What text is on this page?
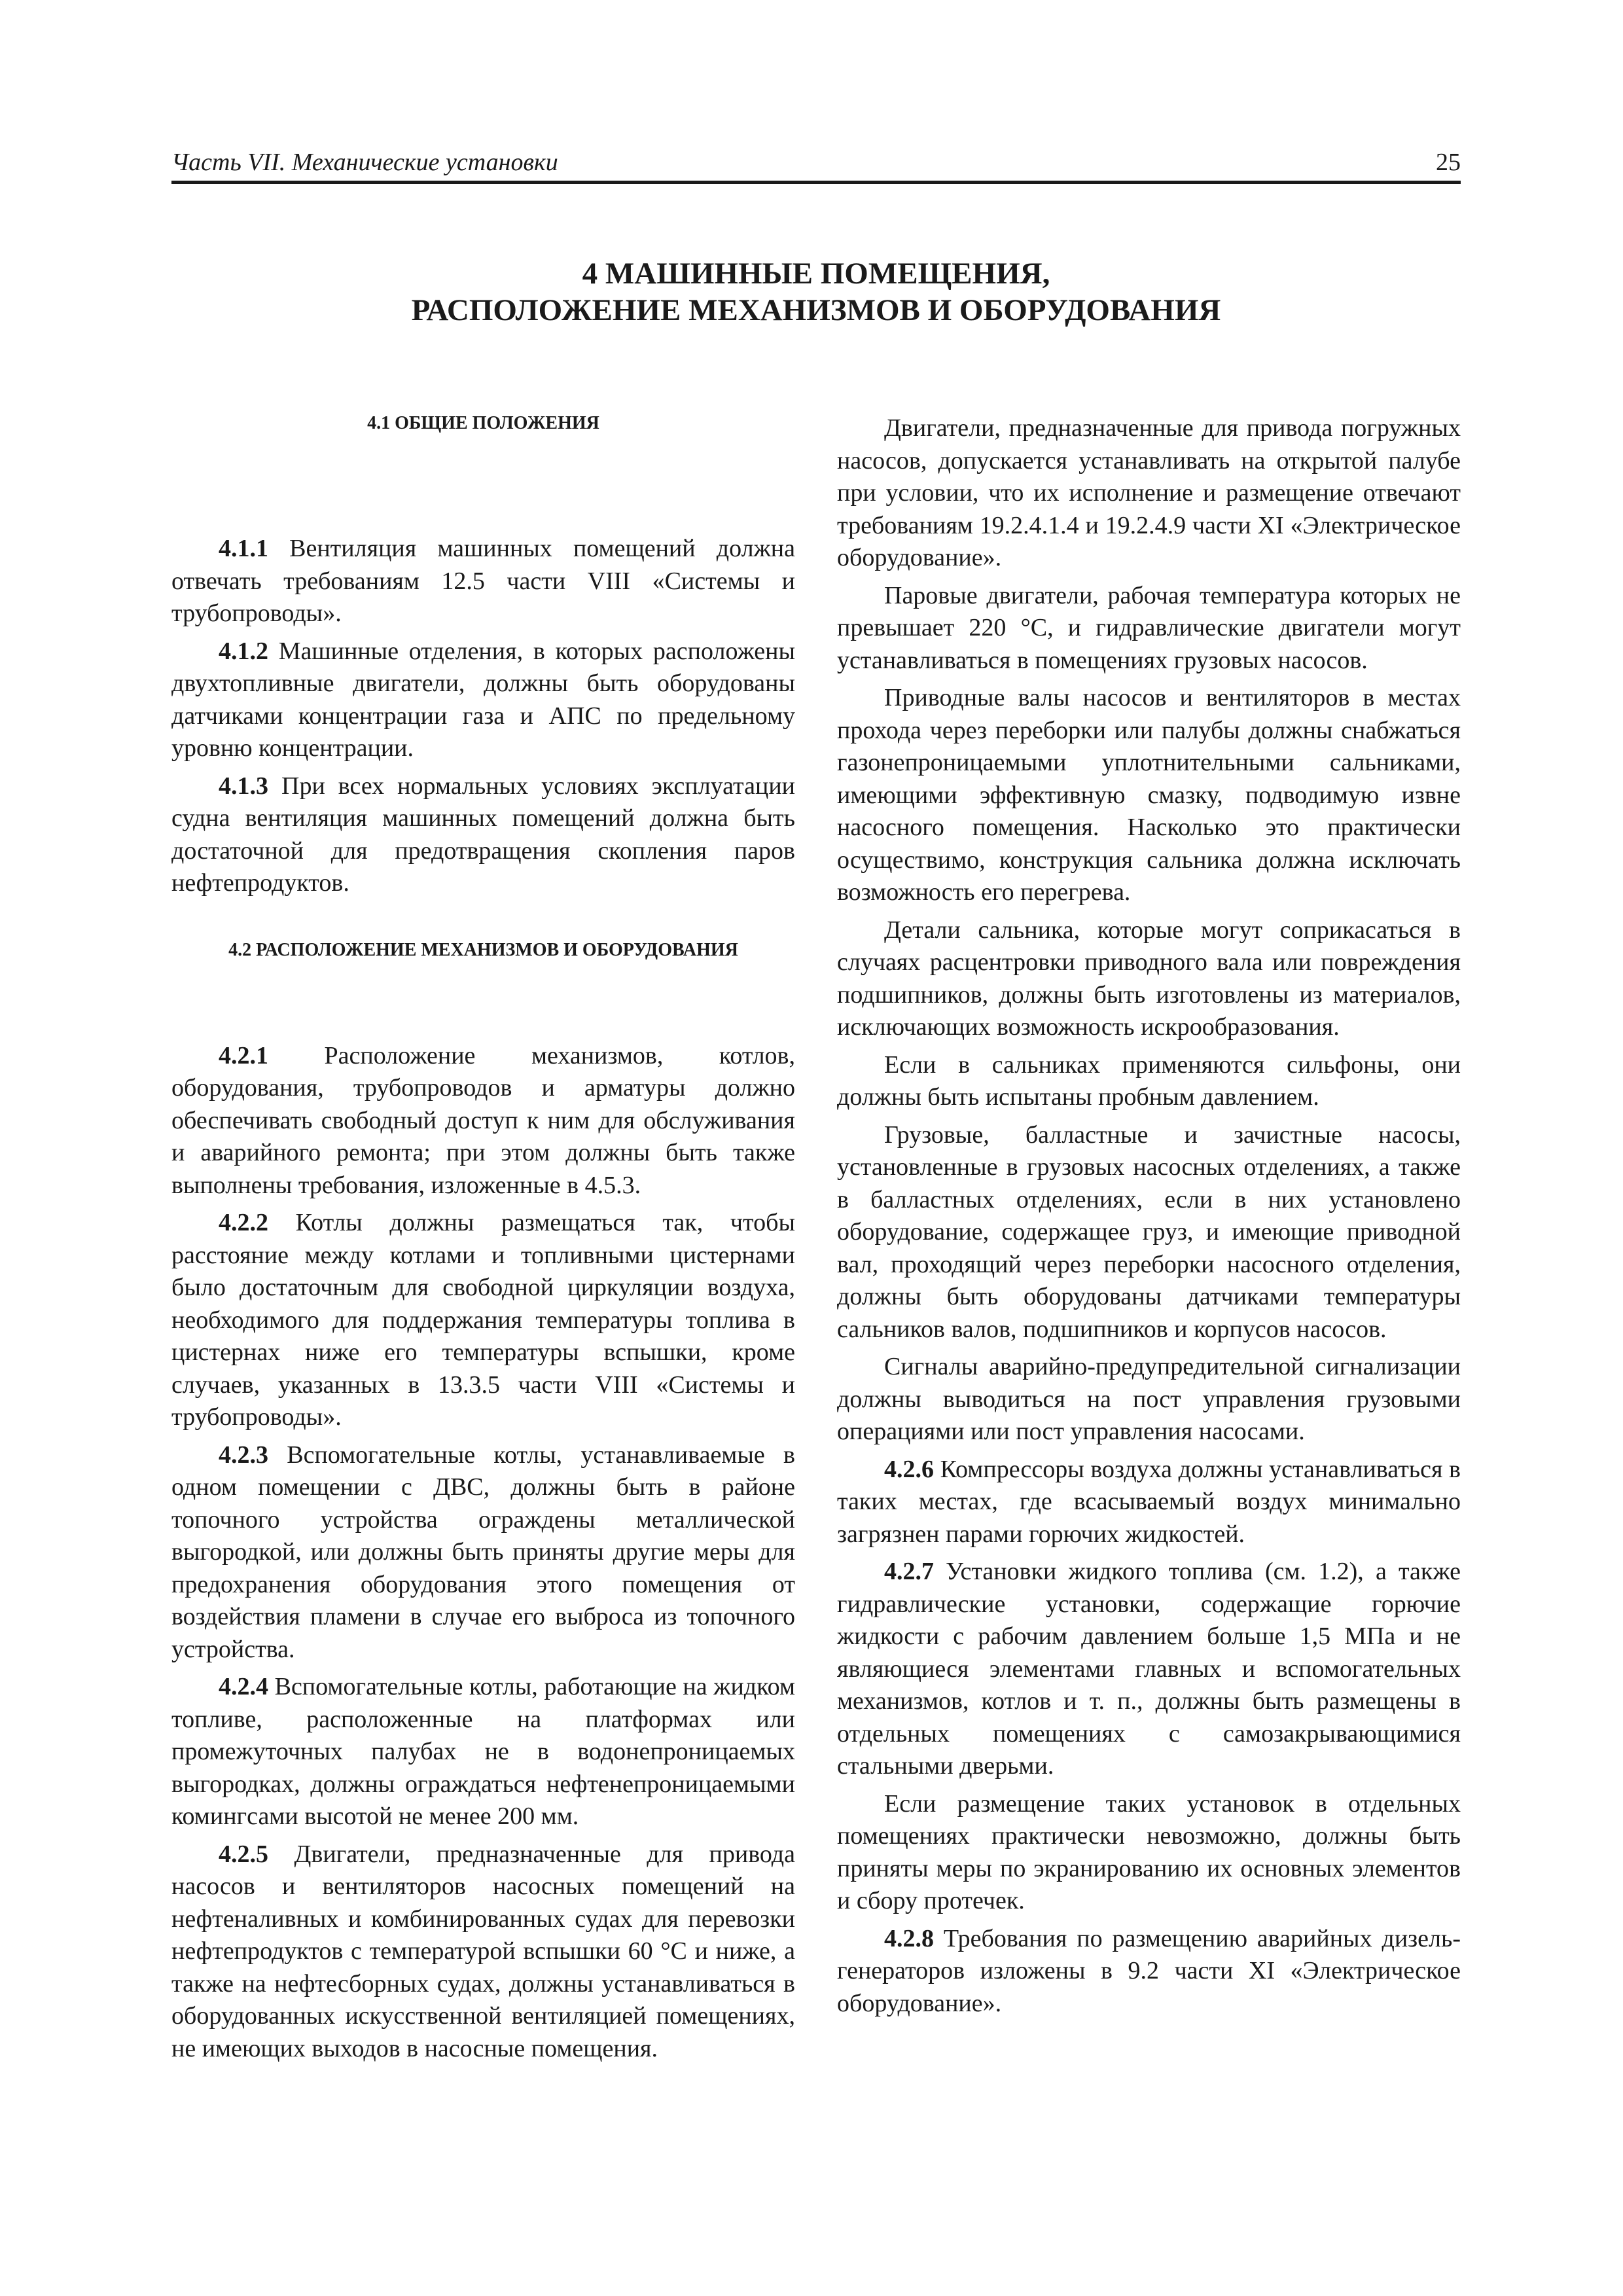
Часть VII. Механические установки	25
4 МАШИННЫЕ ПОМЕЩЕНИЯ,
РАСПОЛОЖЕНИЕ МЕХАНИЗМОВ И ОБОРУДОВАНИЯ
4.1 ОБЩИЕ ПОЛОЖЕНИЯ

4.1.1 Вентиляция машинных помещений должна отвечать требованиям 12.5 части VIII «Системы и трубопроводы».

4.1.2 Машинные отделения, в которых расположены двухтопливные двигатели, должны быть оборудованы датчиками концентрации газа и АПС по предельному уровню концентрации.

4.1.3 При всех нормальных условиях эксплуатации судна вентиляция машинных помещений должна быть достаточной для предотвращения скопления паров нефтепродуктов.

4.2 РАСПОЛОЖЕНИЕ МЕХАНИЗМОВ И ОБОРУДОВАНИЯ

4.2.1 Расположение механизмов, котлов, оборудования, трубопроводов и арматуры должно обеспечивать свободный доступ к ним для обслуживания и аварийного ремонта; при этом должны быть также выполнены требования, изложенные в 4.5.3.

4.2.2 Котлы должны размещаться так, чтобы расстояние между котлами и топливными цистернами было достаточным для свободной циркуляции воздуха, необходимого для поддержания температуры топлива в цистернах ниже его температуры вспышки, кроме случаев, указанных в 13.3.5 части VIII «Системы и трубопроводы».

4.2.3 Вспомогательные котлы, устанавливаемые в одном помещении с ДВС, должны быть в районе топочного устройства ограждены металлической выгородкой, или должны быть приняты другие меры для предохранения оборудования этого помещения от воздействия пламени в случае его выброса из топочного устройства.

4.2.4 Вспомогательные котлы, работающие на жидком топливе, расположенные на платформах или промежуточных палубах не в водонепроницаемых выгородках, должны ограждаться нефтенепроницаемыми комингсами высотой не менее 200 мм.

4.2.5 Двигатели, предназначенные для привода насосов и вентиляторов насосных помещений на нефтеналивных и комбинированных судах для перевозки нефтепродуктов с температурой вспышки 60 °C и ниже, а также на нефтесборных судах, должны устанавливаться в оборудованных искусственной вентиляцией помещениях, не имеющих выходов в насосные помещения.

Двигатели, предназначенные для привода погружных насосов, допускается устанавливать на открытой палубе при условии, что их исполнение и размещение отвечают требованиям 19.2.4.1.4 и 19.2.4.9 части XI «Электрическое оборудование».

Паровые двигатели, рабочая температура которых не превышает 220 °C, и гидравлические двигатели могут устанавливаться в помещениях грузовых насосов.

Приводные валы насосов и вентиляторов в местах прохода через переборки или палубы должны снабжаться газонепроницаемыми уплотнительными сальниками, имеющими эффективную смазку, подводимую извне насосного помещения. Насколько это практически осуществимо, конструкция сальника должна исключать возможность его перегрева.

Детали сальника, которые могут соприкасаться в случаях расцентровки приводного вала или повреждения подшипников, должны быть изготовлены из материалов, исключающих возможность искрообразования.

Если в сальниках применяются сильфоны, они должны быть испытаны пробным давлением.

Грузовые, балластные и зачистные насосы, установленные в грузовых насосных отделениях, а также в балластных отделениях, если в них установлено оборудование, содержащее груз, и имеющие приводной вал, проходящий через переборки насосного отделения, должны быть оборудованы датчиками температуры сальников валов, подшипников и корпусов насосов.

Сигналы аварийно-предупредительной сигнализации должны выводиться на пост управления грузовыми операциями или пост управления насосами.

4.2.6 Компрессоры воздуха должны устанавливаться в таких местах, где всасываемый воздух минимально загрязнен парами горючих жидкостей.

4.2.7 Установки жидкого топлива (см. 1.2), а также гидравлические установки, содержащие горючие жидкости с рабочим давлением больше 1,5 МПа и не являющиеся элементами главных и вспомогательных механизмов, котлов и т. п., должны быть размещены в отдельных помещениях с самозакрывающимися стальными дверьми.

Если размещение таких установок в отдельных помещениях практически невозможно, должны быть приняты меры по экранированию их основных элементов и сбору протечек.

4.2.8 Требования по размещению аварийных дизель-генераторов изложены в 9.2 части XI «Электрическое оборудование».
